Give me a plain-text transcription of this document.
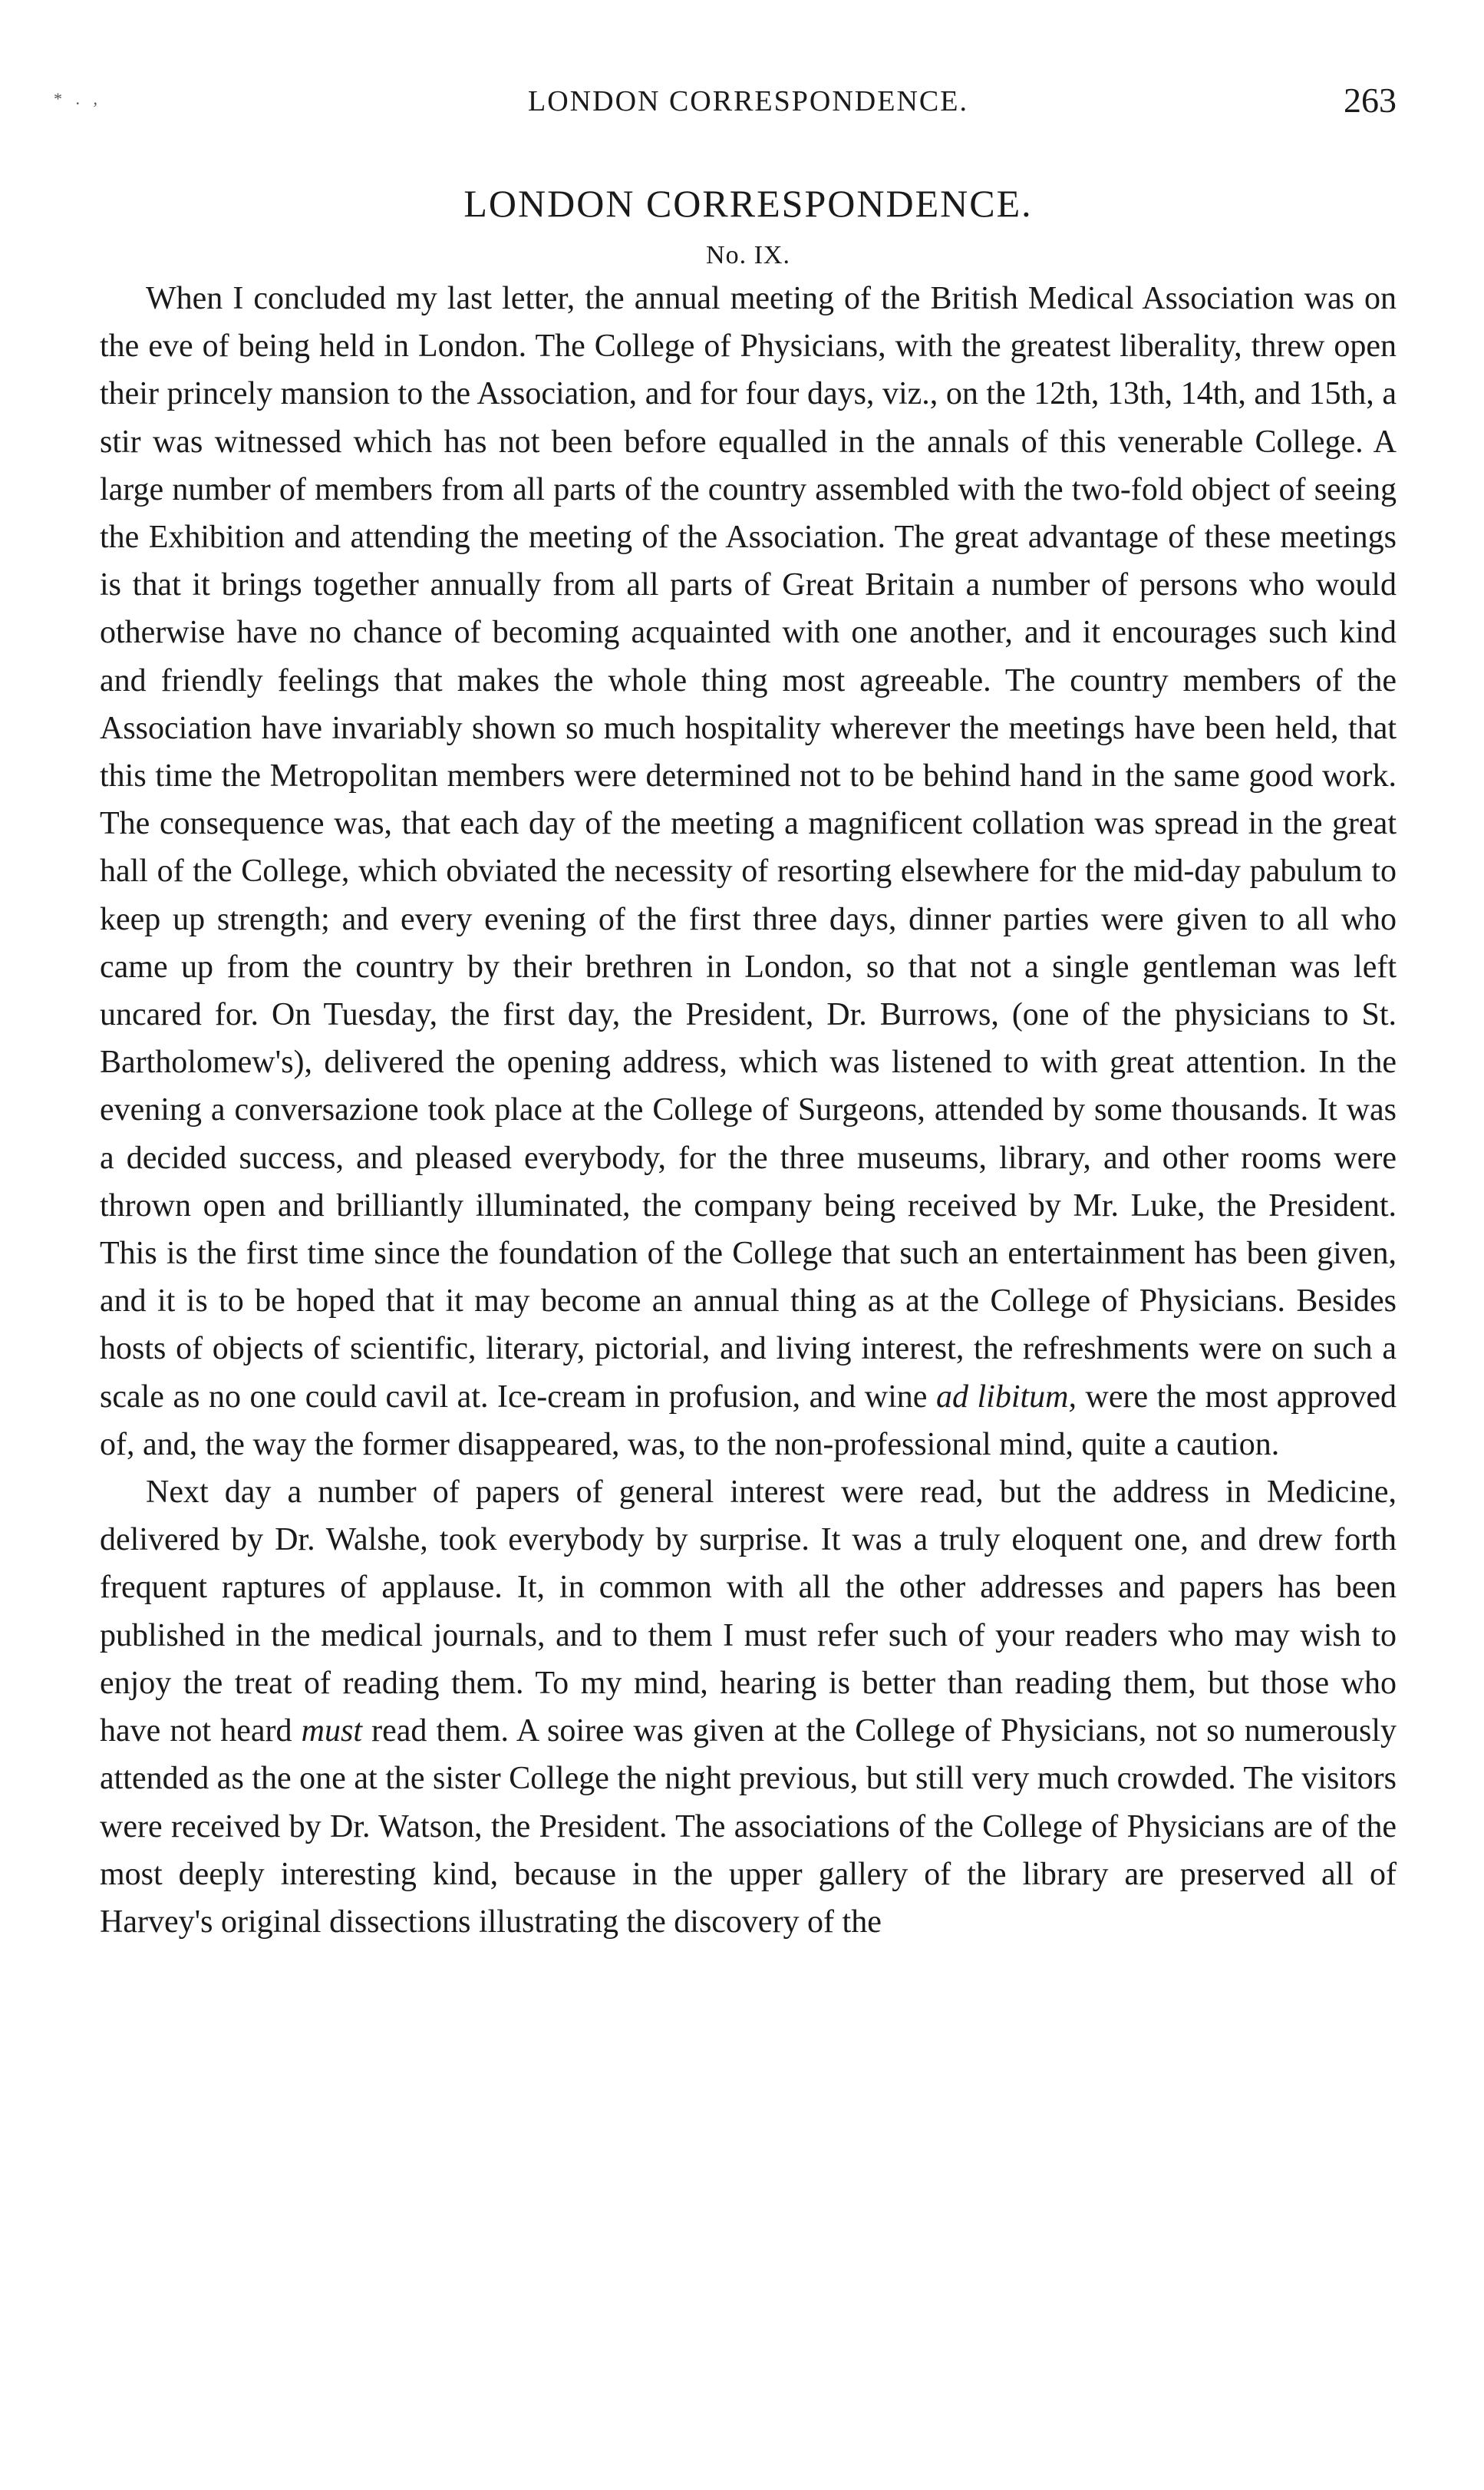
* . ,	LONDON CORRESPONDENCE.	263
LONDON CORRESPONDENCE.
No. IX.

When I concluded my last letter, the annual meeting of the British Medical Association was on the eve of being held in London. The College of Physicians, with the greatest liberality, threw open their princely mansion to the Association, and for four days, viz., on the 12th, 13th, 14th, and 15th, a stir was witnessed which has not been before equalled in the annals of this venerable College. A large number of members from all parts of the country assembled with the two-fold object of seeing the Exhibition and attending the meeting of the Association. The great advantage of these meetings is that it brings together annually from all parts of Great Britain a number of persons who would otherwise have no chance of becoming acquainted with one another, and it encourages such kind and friendly feelings that makes the whole thing most agreeable. The country members of the Association have invariably shown so much hospitality wherever the meetings have been held, that this time the Metropolitan members were determined not to be behind hand in the same good work. The consequence was, that each day of the meeting a magnificent collation was spread in the great hall of the College, which obviated the necessity of resorting elsewhere for the mid-day pabulum to keep up strength; and every evening of the first three days, dinner parties were given to all who came up from the country by their brethren in London, so that not a single gentleman was left uncared for. On Tuesday, the first day, the President, Dr. Burrows, (one of the physicians to St. Bartholomew's), delivered the opening address, which was listened to with great attention. In the evening a conversazione took place at the College of Surgeons, attended by some thousands. It was a decided success, and pleased everybody, for the three museums, library, and other rooms were thrown open and brilliantly illuminated, the company being received by Mr. Luke, the President. This is the first time since the foundation of the College that such an entertainment has been given, and it is to be hoped that it may become an annual thing as at the College of Physicians. Besides hosts of objects of scientific, literary, pictorial, and living interest, the refreshments were on such a scale as no one could cavil at. Ice-cream in profusion, and wine ad libitum, were the most approved of, and, the way the former disappeared, was, to the non-professional mind, quite a caution.

Next day a number of papers of general interest were read, but the address in Medicine, delivered by Dr. Walshe, took everybody by surprise. It was a truly eloquent one, and drew forth frequent raptures of applause. It, in common with all the other addresses and papers has been published in the medical journals, and to them I must refer such of your readers who may wish to enjoy the treat of reading them. To my mind, hearing is better than reading them, but those who have not heard must read them. A soiree was given at the College of Physicians, not so numerously attended as the one at the sister College the night previous, but still very much crowded. The visitors were received by Dr. Watson, the President. The associations of the College of Physicians are of the most deeply interesting kind, because in the upper gallery of the library are preserved all of Harvey's original dissections illustrating the discovery of the
